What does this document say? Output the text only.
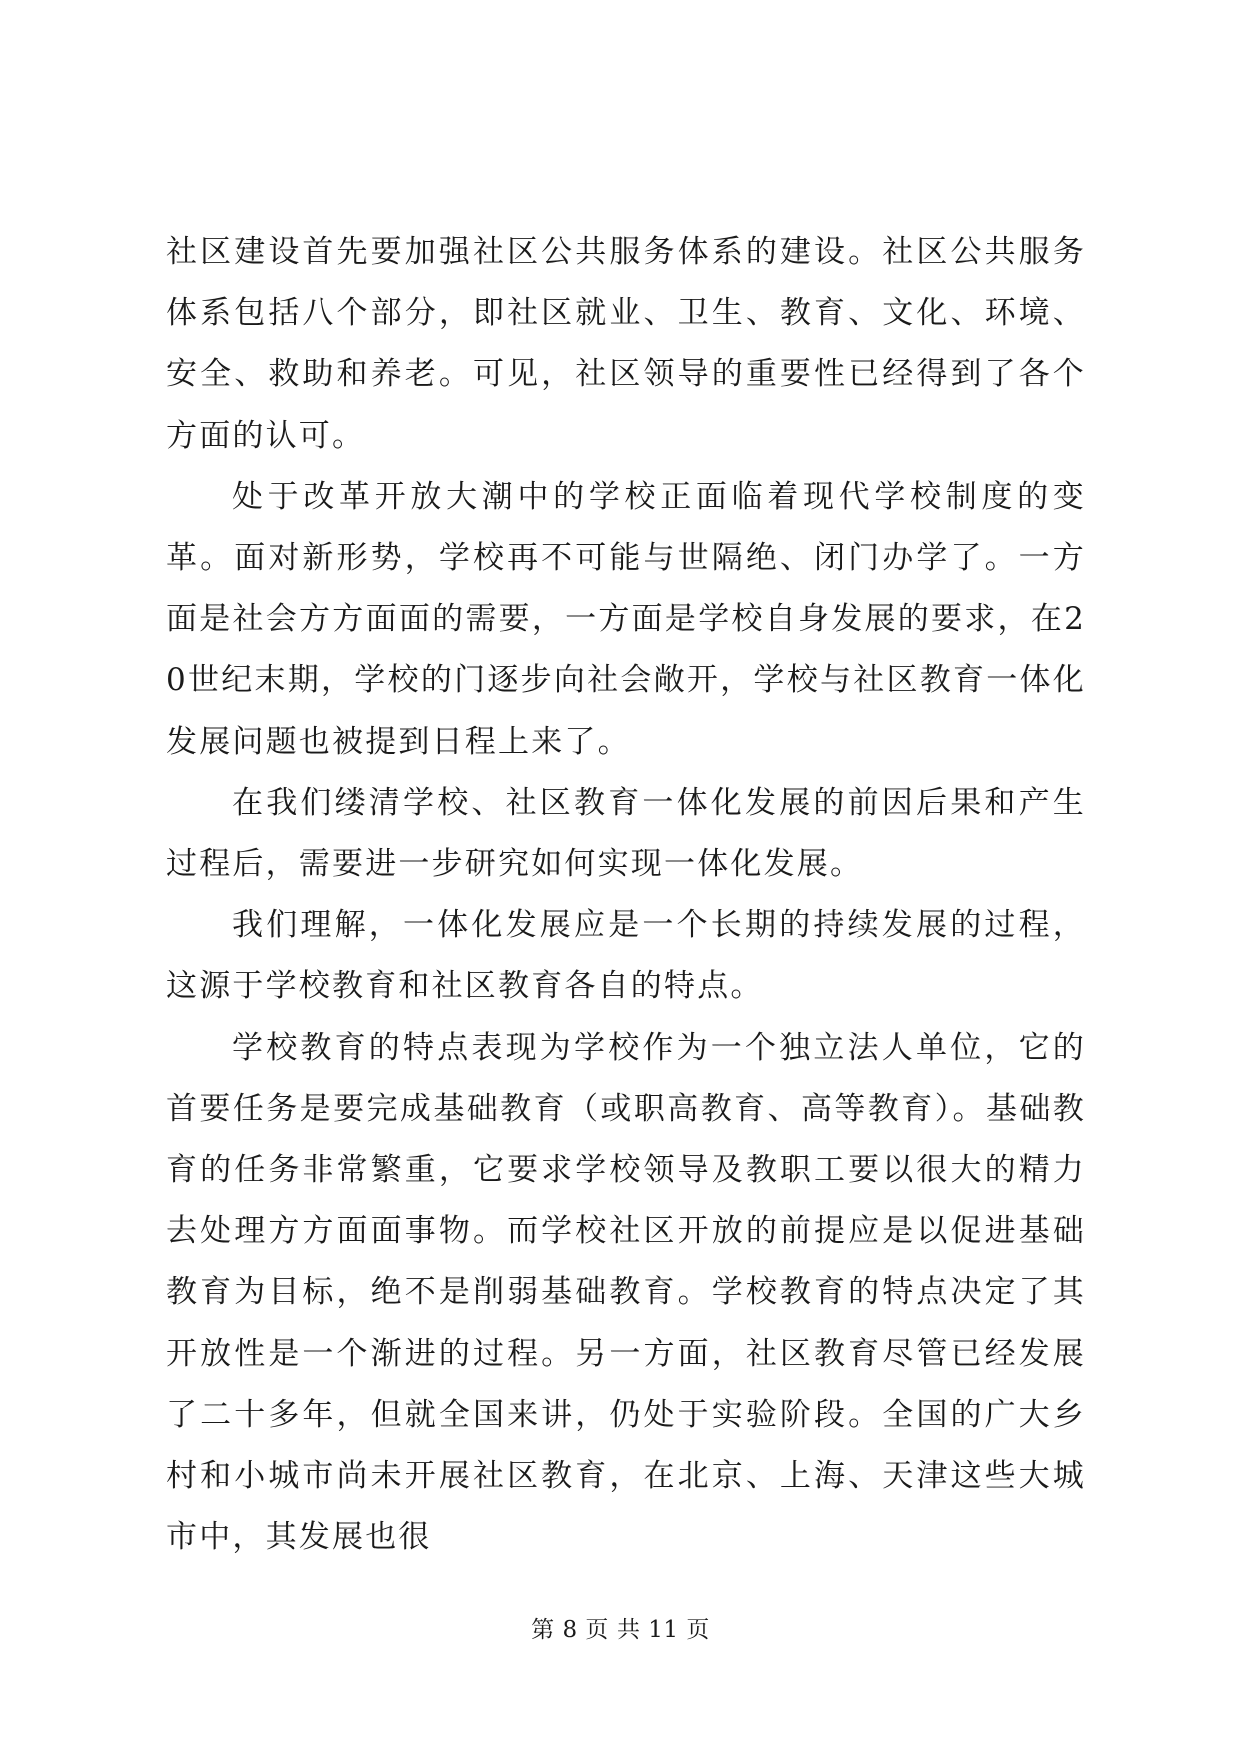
社区建设首先要加强社区公共服务体系的建设。社区公共服务体系包括八个部分，即社区就业、卫生、教育、文化、环境、安全、救助和养老。可见，社区领导的重要性已经得到了各个方面的认可。

处于改革开放大潮中的学校正面临着现代学校制度的变革。面对新形势，学校再不可能与世隔绝、闭门办学了。一方面是社会方方面面的需要，一方面是学校自身发展的要求，在20世纪末期，学校的门逐步向社会敞开，学校与社区教育一体化发展问题也被提到日程上来了。

在我们缕清学校、社区教育一体化发展的前因后果和产生过程后，需要进一步研究如何实现一体化发展。

我们理解，一体化发展应是一个长期的持续发展的过程，这源于学校教育和社区教育各自的特点。

学校教育的特点表现为学校作为一个独立法人单位，它的首要任务是要完成基础教育（或职高教育、高等教育）。基础教育的任务非常繁重，它要求学校领导及教职工要以很大的精力去处理方方面面事物。而学校社区开放的前提应是以促进基础教育为目标，绝不是削弱基础教育。学校教育的特点决定了其开放性是一个渐进的过程。另一方面，社区教育尽管已经发展了二十多年，但就全国来讲，仍处于实验阶段。全国的广大乡村和小城市尚未开展社区教育，在北京、上海、天津这些大城市中，其发展也很

第 8 页 共 11 页
